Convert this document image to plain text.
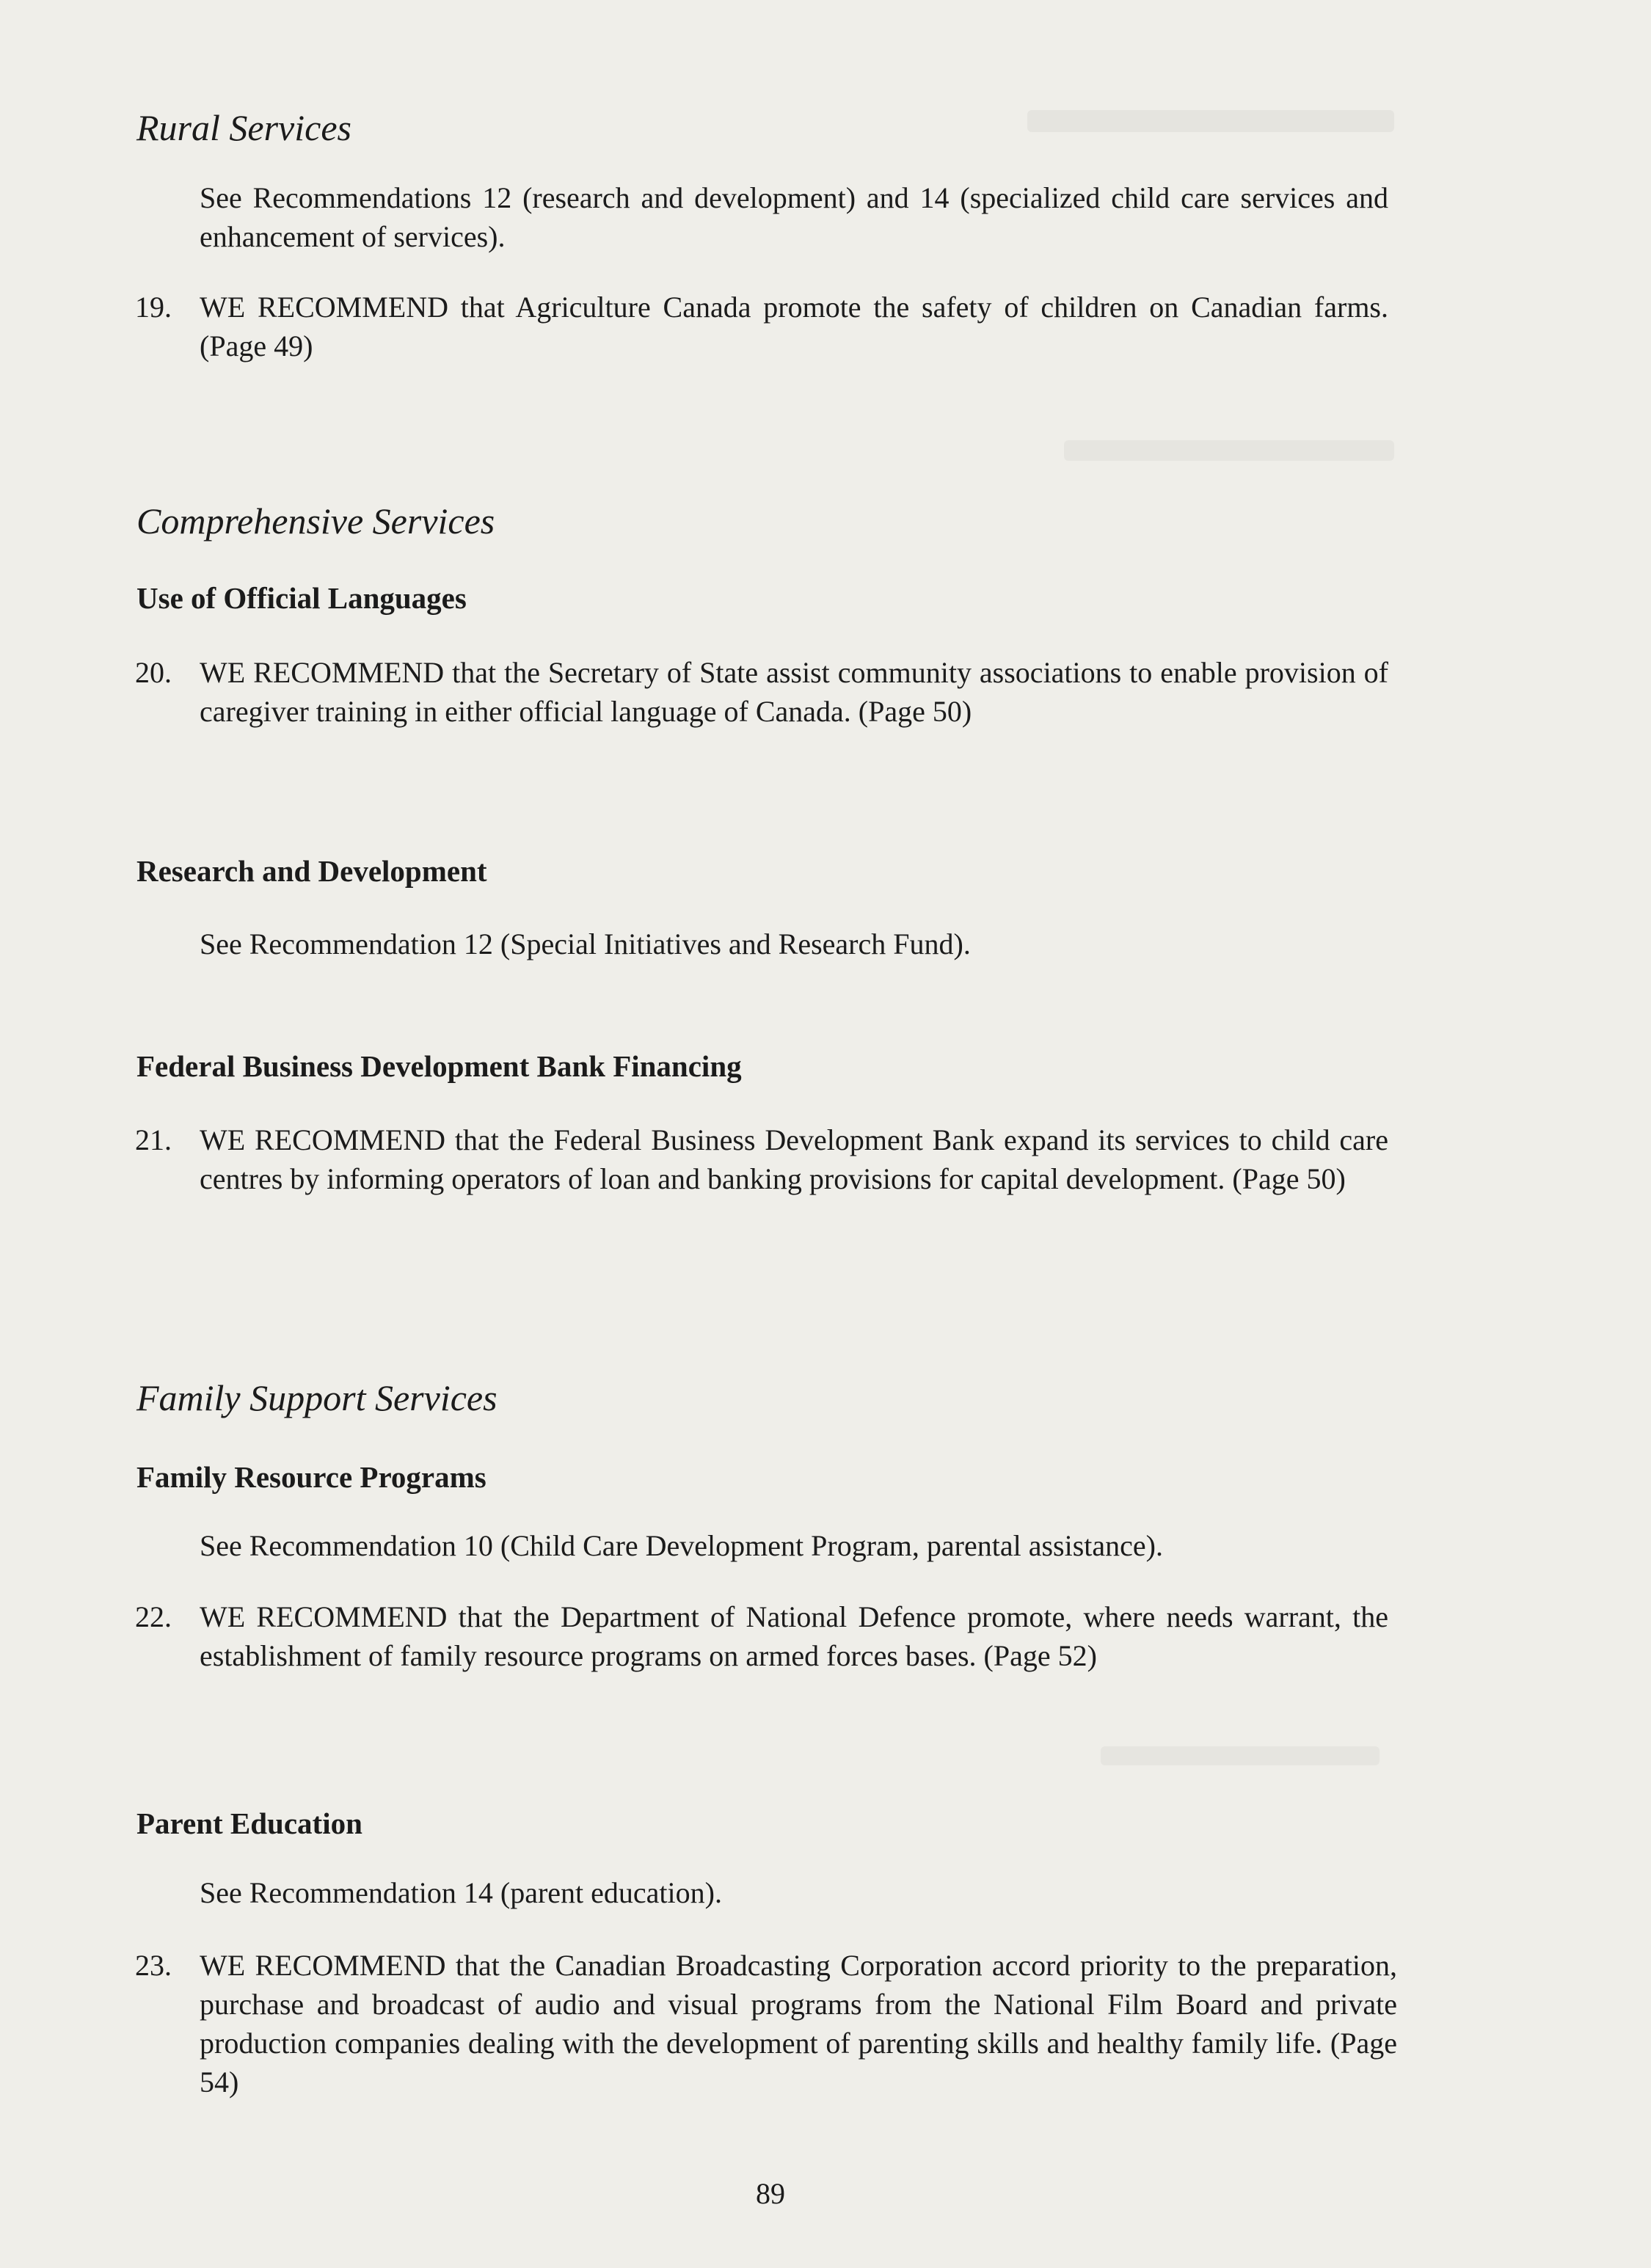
Rural Services
See Recommendations 12 (research and development) and 14 (specialized child care services and enhancement of services).
19. WE RECOMMEND that Agriculture Canada promote the safety of children on Canadian farms. (Page 49)
Comprehensive Services
Use of Official Languages
20. WE RECOMMEND that the Secretary of State assist community associations to enable provision of caregiver training in either official language of Canada. (Page 50)
Research and Development
See Recommendation 12 (Special Initiatives and Research Fund).
Federal Business Development Bank Financing
21. WE RECOMMEND that the Federal Business Development Bank expand its services to child care centres by informing operators of loan and banking provisions for capital development. (Page 50)
Family Support Services
Family Resource Programs
See Recommendation 10 (Child Care Development Program, parental assistance).
22. WE RECOMMEND that the Department of National Defence promote, where needs warrant, the establishment of family resource programs on armed forces bases. (Page 52)
Parent Education
See Recommendation 14 (parent education).
23. WE RECOMMEND that the Canadian Broadcasting Corporation accord priority to the preparation, purchase and broadcast of audio and visual programs from the National Film Board and private production companies dealing with the development of parenting skills and healthy family life. (Page 54)
89
